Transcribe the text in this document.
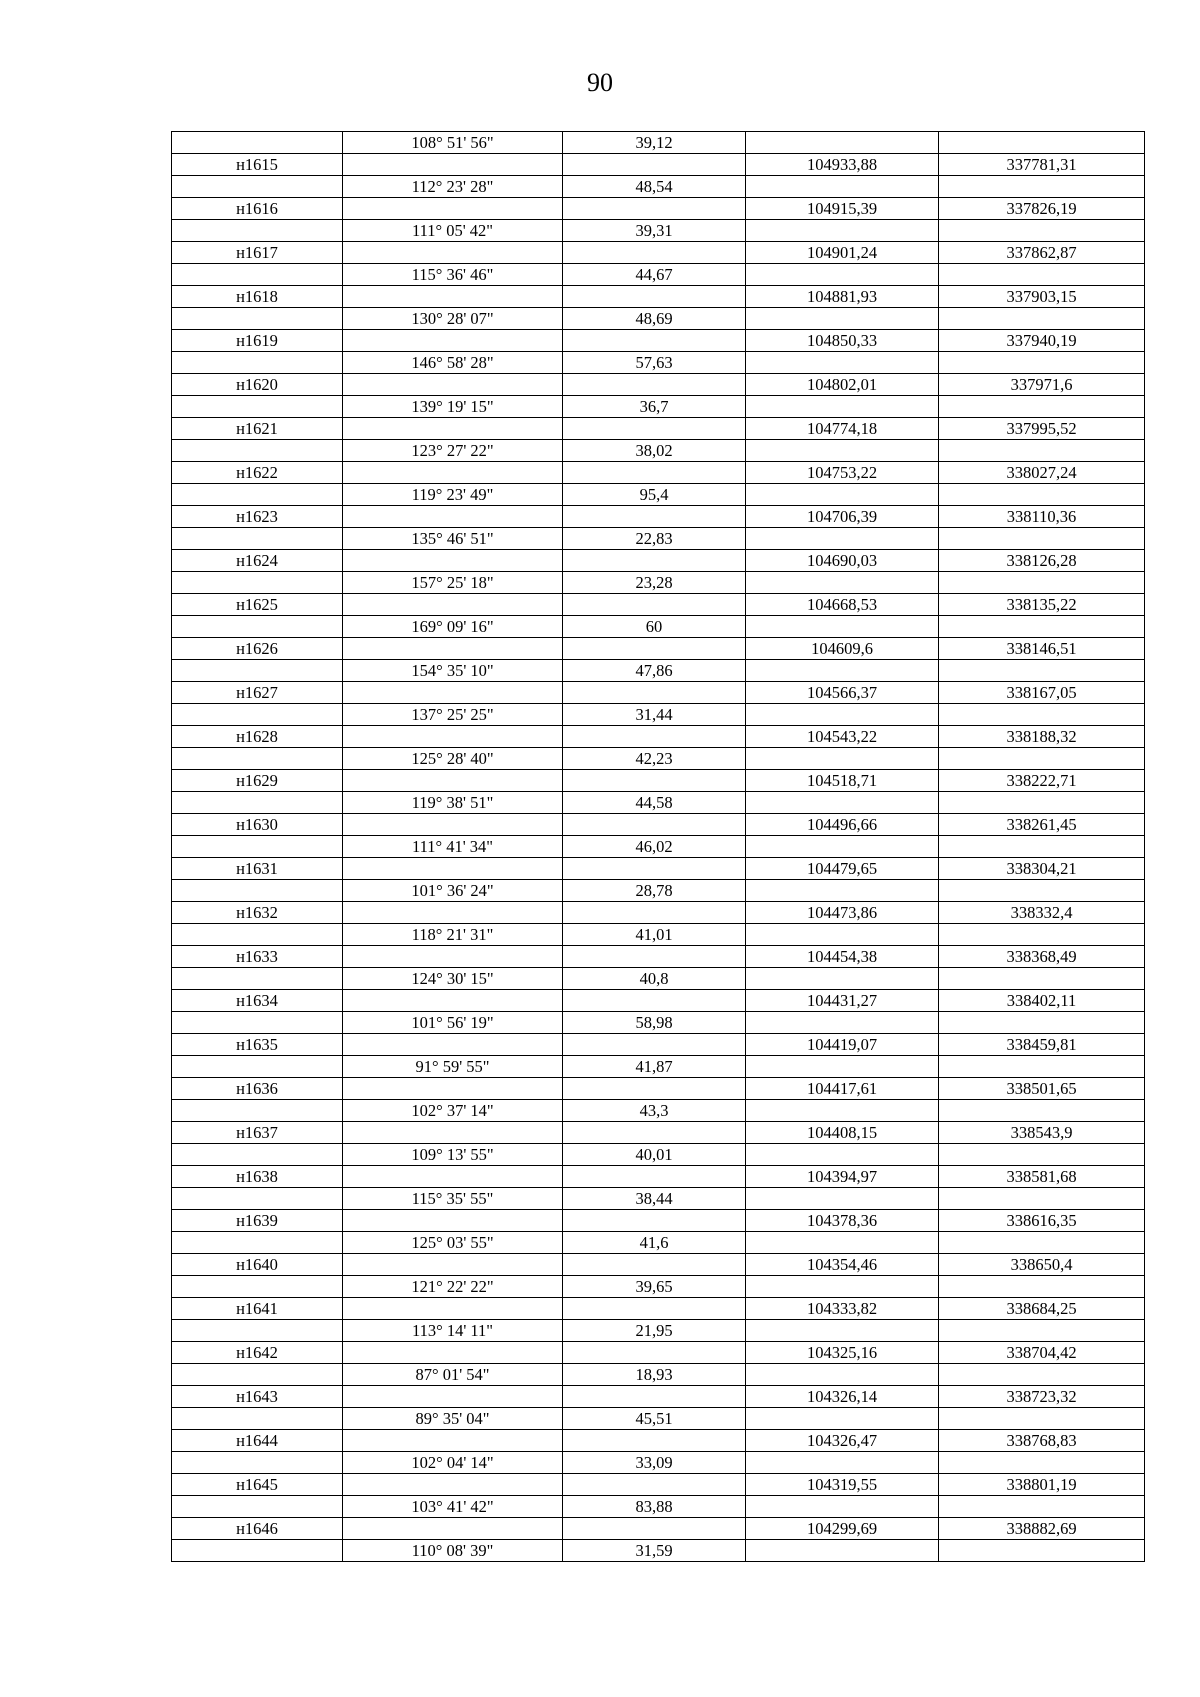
90
	108° 51' 56"	39,12		
н1615			104933,88	337781,31
	112° 23' 28"	48,54		
н1616			104915,39	337826,19
	111° 05' 42"	39,31		
н1617			104901,24	337862,87
	115° 36' 46"	44,67		
н1618			104881,93	337903,15
	130° 28' 07"	48,69		
н1619			104850,33	337940,19
	146° 58' 28"	57,63		
н1620			104802,01	337971,6
	139° 19' 15"	36,7		
н1621			104774,18	337995,52
	123° 27' 22"	38,02		
н1622			104753,22	338027,24
	119° 23' 49"	95,4		
н1623			104706,39	338110,36
	135° 46' 51"	22,83		
н1624			104690,03	338126,28
	157° 25' 18"	23,28		
н1625			104668,53	338135,22
	169° 09' 16"	60		
н1626			104609,6	338146,51
	154° 35' 10"	47,86		
н1627			104566,37	338167,05
	137° 25' 25"	31,44		
н1628			104543,22	338188,32
	125° 28' 40"	42,23		
н1629			104518,71	338222,71
	119° 38' 51"	44,58		
н1630			104496,66	338261,45
	111° 41' 34"	46,02		
н1631			104479,65	338304,21
	101° 36' 24"	28,78		
н1632			104473,86	338332,4
	118° 21' 31"	41,01		
н1633			104454,38	338368,49
	124° 30' 15"	40,8		
н1634			104431,27	338402,11
	101° 56' 19"	58,98		
н1635			104419,07	338459,81
	91° 59' 55"	41,87		
н1636			104417,61	338501,65
	102° 37' 14"	43,3		
н1637			104408,15	338543,9
	109° 13' 55"	40,01		
н1638			104394,97	338581,68
	115° 35' 55"	38,44		
н1639			104378,36	338616,35
	125° 03' 55"	41,6		
н1640			104354,46	338650,4
	121° 22' 22"	39,65		
н1641			104333,82	338684,25
	113° 14' 11"	21,95		
н1642			104325,16	338704,42
	87° 01' 54"	18,93		
н1643			104326,14	338723,32
	89° 35' 04"	45,51		
н1644			104326,47	338768,83
	102° 04' 14"	33,09		
н1645			104319,55	338801,19
	103° 41' 42"	83,88		
н1646			104299,69	338882,69
	110° 08' 39"	31,59		
